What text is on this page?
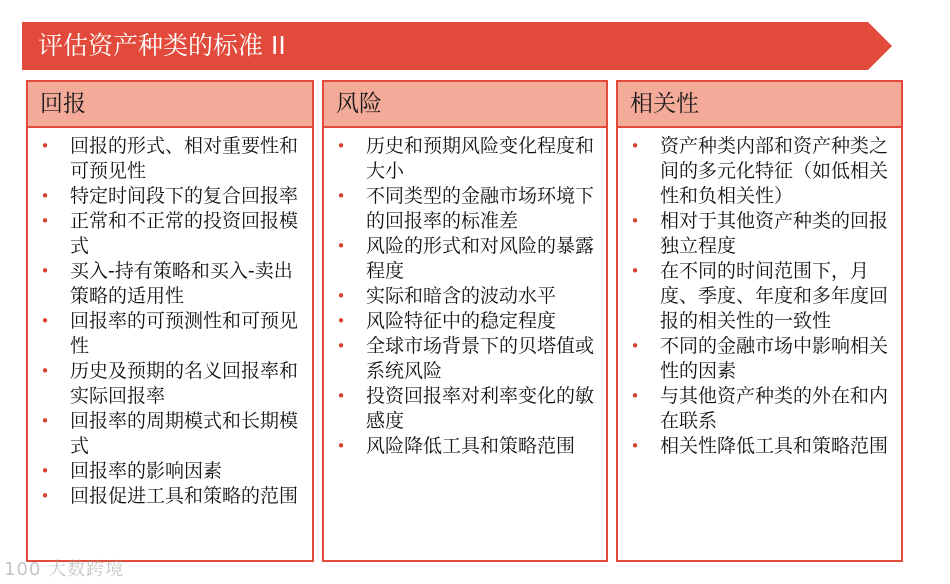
评估资产种类的标准 II
回报
• 回报的形式、相对重要性和可预见性
• 特定时间段下的复合回报率
• 正常和不正常的投资回报模式
• 买入-持有策略和买入-卖出策略的适用性
• 回报率的可预测性和可预见性
• 历史及预期的名义回报率和实际回报率
• 回报率的周期模式和长期模式
• 回报率的影响因素
• 回报促进工具和策略的范围
风险
• 历史和预期风险变化程度和大小
• 不同类型的金融市场环境下的回报率的标准差
• 风险的形式和对风险的暴露程度
• 实际和暗含的波动水平
• 风险特征中的稳定程度
• 全球市场背景下的贝塔值或系统风险
• 投资回报率对利率变化的敏感度
• 风险降低工具和策略范围
相关性
• 资产种类内部和资产种类之间的多元化特征（如低相关性和负相关性）
• 相对于其他资产种类的回报独立程度
• 在不同的时间范围下，月度、季度、年度和多年度回报的相关性的一致性
• 不同的金融市场中影响相关性的因素
• 与其他资产种类的外在和内在联系
• 相关性降低工具和策略范围
100 大数跨境
